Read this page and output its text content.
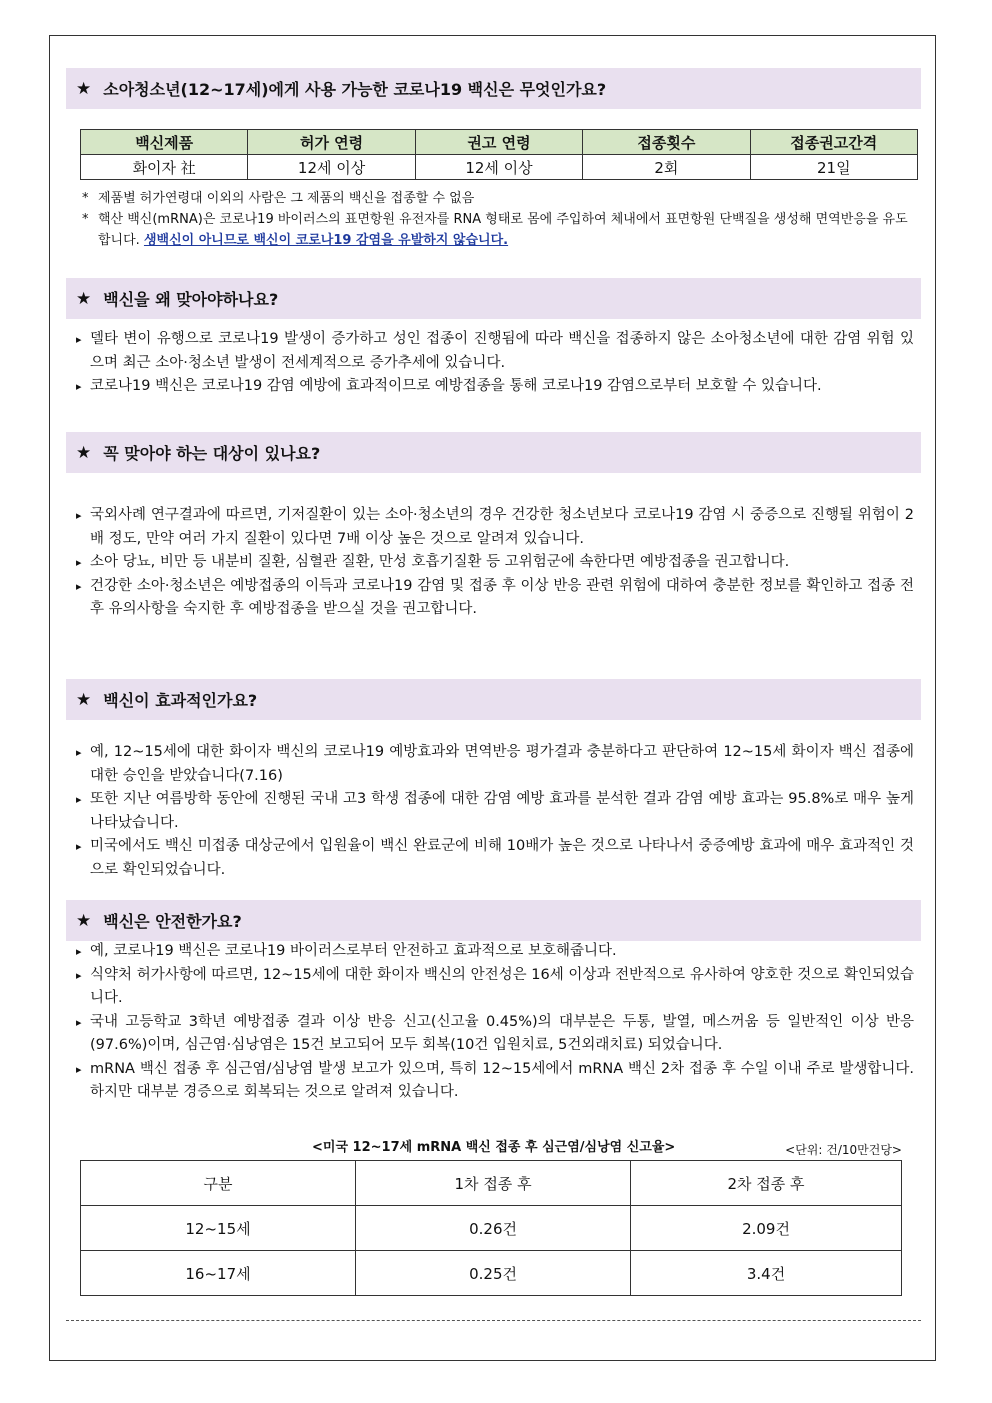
★ 소아청소년(12~17세)에게 사용 가능한 코로나19 백신은 무엇인가요?
백신제품	허가 연령	권고 연령	접종횟수	접종권고간격
화이자 社	12세 이상	12세 이상	2회	21일
* 제품별 허가연령대 이외의 사람은 그 제품의 백신을 접종할 수 없음
* 핵산 백신(mRNA)은 코로나19 바이러스의 표면항원 유전자를 RNA 형태로 몸에 주입하여 체내에서 표면항원 단백질을 생성해 면역반응을 유도합니다. 생백신이 아니므로 백신이 코로나19 감염을 유발하지 않습니다.
★ 백신을 왜 맞아야하나요?
▸ 델타 변이 유행으로 코로나19 발생이 증가하고 성인 접종이 진행됨에 따라 백신을 접종하지 않은 소아청소년에 대한 감염 위험 있으며 최근 소아·청소년 발생이 전세계적으로 증가추세에 있습니다.
▸ 코로나19 백신은 코로나19 감염 예방에 효과적이므로 예방접종을 통해 코로나19 감염으로부터 보호할 수 있습니다.
★ 꼭 맞아야 하는 대상이 있나요?
▸ 국외사례 연구결과에 따르면, 기저질환이 있는 소아·청소년의 경우 건강한 청소년보다 코로나19 감염 시 중증으로 진행될 위험이 2배 정도, 만약 여러 가지 질환이 있다면 7배 이상 높은 것으로 알려져 있습니다.
▸ 소아 당뇨, 비만 등 내분비 질환, 심혈관 질환, 만성 호흡기질환 등 고위험군에 속한다면 예방접종을 권고합니다.
▸ 건강한 소아·청소년은 예방접종의 이득과 코로나19 감염 및 접종 후 이상 반응 관련 위험에 대하여 충분한 정보를 확인하고 접종 전후 유의사항을 숙지한 후 예방접종을 받으실 것을 권고합니다.
★ 백신이 효과적인가요?
▸ 예, 12~15세에 대한 화이자 백신의 코로나19 예방효과와 면역반응 평가결과 충분하다고 판단하여 12~15세 화이자 백신 접종에 대한 승인을 받았습니다(7.16)
▸ 또한 지난 여름방학 동안에 진행된 국내 고3 학생 접종에 대한 감염 예방 효과를 분석한 결과 감염 예방 효과는 95.8%로 매우 높게 나타났습니다.
▸ 미국에서도 백신 미접종 대상군에서 입원율이 백신 완료군에 비해 10배가 높은 것으로 나타나서 중증예방 효과에 매우 효과적인 것으로 확인되었습니다.
★ 백신은 안전한가요?
▸ 예, 코로나19 백신은 코로나19 바이러스로부터 안전하고 효과적으로 보호해줍니다.
▸ 식약처 허가사항에 따르면, 12~15세에 대한 화이자 백신의 안전성은 16세 이상과 전반적으로 유사하여 양호한 것으로 확인되었습니다.
▸ 국내 고등학교 3학년 예방접종 결과 이상 반응 신고(신고율 0.45%)의 대부분은 두통, 발열, 메스꺼움 등 일반적인 이상 반응(97.6%)이며, 심근염·심낭염은 15건 보고되어 모두 회복(10건 입원치료, 5건외래치료) 되었습니다.
▸ mRNA 백신 접종 후 심근염/심낭염 발생 보고가 있으며, 특히 12~15세에서 mRNA 백신 2차 접종 후 수일 이내 주로 발생합니다. 하지만 대부분 경증으로 회복되는 것으로 알려져 있습니다.
<미국 12~17세 mRNA 백신 접종 후 심근염/심낭염 신고율>	<단위: 건/10만건당>
구분	1차 접종 후	2차 접종 후
12~15세	0.26건	2.09건
16~17세	0.25건	3.4건
